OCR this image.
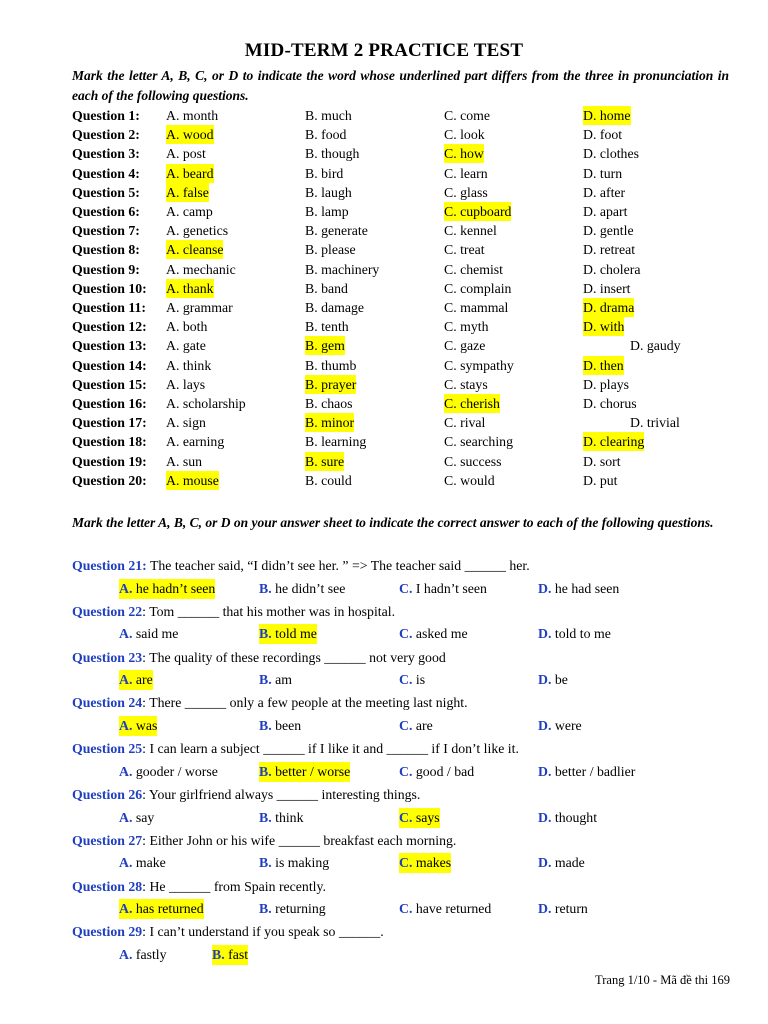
MID-TERM 2 PRACTICE TEST
Mark the letter A, B, C, or D to indicate the word whose underlined part differs from the three in pronunciation in each of the following questions.
Question 1: A. month	B. much	C. come	D. home
Question 2: A. wood	B. food	C. look	D. foot
Question 3: A. post	B. though	C. how	D. clothes
Question 4: A. beard	B. bird	C. learn	D. turn
Question 5: A. false	B. laugh	C. glass	D. after
Question 6: A. camp	B. lamp	C. cupboard	D. apart
Question 7: A. genetics	B. generate	C. kennel	D. gentle
Question 8: A. cleanse	B. please	C. treat	D. retreat
Question 9: A. mechanic	B. machinery	C. chemist	D. cholera
Question 10: A. thank	B. band	C. complain	D. insert
Question 11: A. grammar	B. damage	C. mammal	D. drama
Question 12: A. both	B. tenth	C. myth	D. with
Question 13: A. gate	B. gem	C. gaze	D. gaudy
Question 14: A. think	B. thumb	C. sympathy	D. then
Question 15: A. lays	B. prayer	C. stays	D. plays
Question 16: A. scholarship	B. chaos	C. cherish	D. chorus
Question 17: A. sign	B. minor	C. rival	D. trivial
Question 18: A. earning	B. learning	C. searching	D. clearing
Question 19: A. sun	B. sure	C. success	D. sort
Question 20: A. mouse	B. could	C. would	D. put
Mark the letter A, B, C, or D on your answer sheet to indicate the correct answer to each of the following questions.
Question 21: The teacher said, “I didn’t see her. ” => The teacher said ______ her.
A. he hadn’t seen	B. he didn’t see	C. I hadn’t seen	D. he had seen
Question 22: Tom ______ that his mother was in hospital.
A. said me	B. told me	C. asked me	D. told to me
Question 23: The quality of these recordings ______ not very good
A. are	B. am	C. is	D. be
Question 24: There ______ only a few people at the meeting last night.
A. was	B. been	C. are	D. were
Question 25: I can learn a subject ______ if I like it and ______ if I don’t like it.
A. gooder / worse	B. better / worse	C. good / bad	D. better / badlier
Question 26: Your girlfriend always ______ interesting things.
A. say	B. think	C. says	D. thought
Question 27: Either John or his wife ______ breakfast each morning.
A. make	B. is making	C. makes	D. made
Question 28: He ______ from Spain recently.
A. has returned	B. returning	C. have returned	D. return
Question 29: I can’t understand if you speak so ______.
A. fastly	B. fast
Trang 1/10 - Mã đề thi 169
